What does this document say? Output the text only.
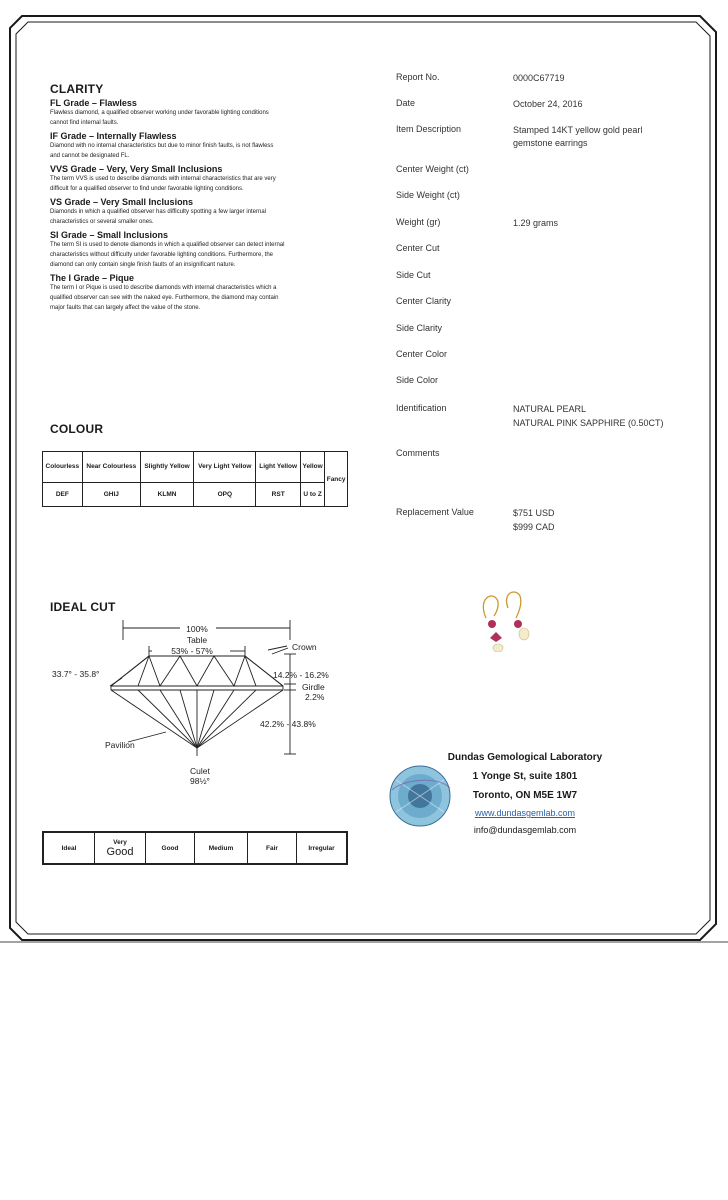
CLARITY
FL Grade – Flawless
Flawless diamond, a qualified observer working under favorable lighting conditions
cannot find internal faults.
IF Grade – Internally Flawless
Diamond with no internal characteristics but due to minor finish faults, is not flawless
and cannot be designated FL.
VVS Grade – Very, Very Small Inclusions
The term VVS is used to describe diamonds with internal characteristics that are very
difficult for a qualified observer to find under favorable lighting conditions.
VS Grade – Very Small Inclusions
Diamonds in which a qualified observer has difficulty spotting a few larger internal
characteristics or several smaller ones.
SI Grade – Small Inclusions
The term SI is used to denote diamonds in which a qualified observer can detect internal
characteristics without difficulty under favorable lighting conditions. Furthermore, the
diamond can only contain single finish faults of an insignificant nature.
The I Grade – Pique
The term I or Pique is used to describe diamonds with internal characteristics which a
qualified observer can see with the naked eye. Furthermore, the diamond may contain
major faults that can largely affect the value of the stone.
COLOUR
Colourless	Near Colourless	Slightly Yellow	Very Light Yellow	Light Yellow	Yellow	Fancy
DEF	GHIJ	KLMN	OPQ	RST	U to Z	
IDEAL CUT
100%
Table
53% - 57%	Crown
33.7° - 35.8°	14.2% - 16.2%
Girdle
2.2%
42.2% - 43.8%
Pavilion
Culet
98½°
Ideal	
Very
Good	Good	Medium	Fair	Irregular
Report No.	0000C67719
Date	October 24, 2016
Item Description	Stamped 14KT yellow gold pearl gemstone earrings
Center Weight (ct)
Side Weight (ct)
Weight (gr)	1.29 grams
Center Cut
Side Cut
Center Clarity
Side Clarity
Center Color
Side Color
Identification	NATURAL PEARL
NATURAL PINK SAPPHIRE (0.50CT)
Comments
Replacement Value	$751 USD
$999 CAD
Dundas Gemological Laboratory
1 Yonge St, suite 1801
Toronto, ON M5E 1W7
www.dundasgemlab.com
info@dundasgemlab.com
